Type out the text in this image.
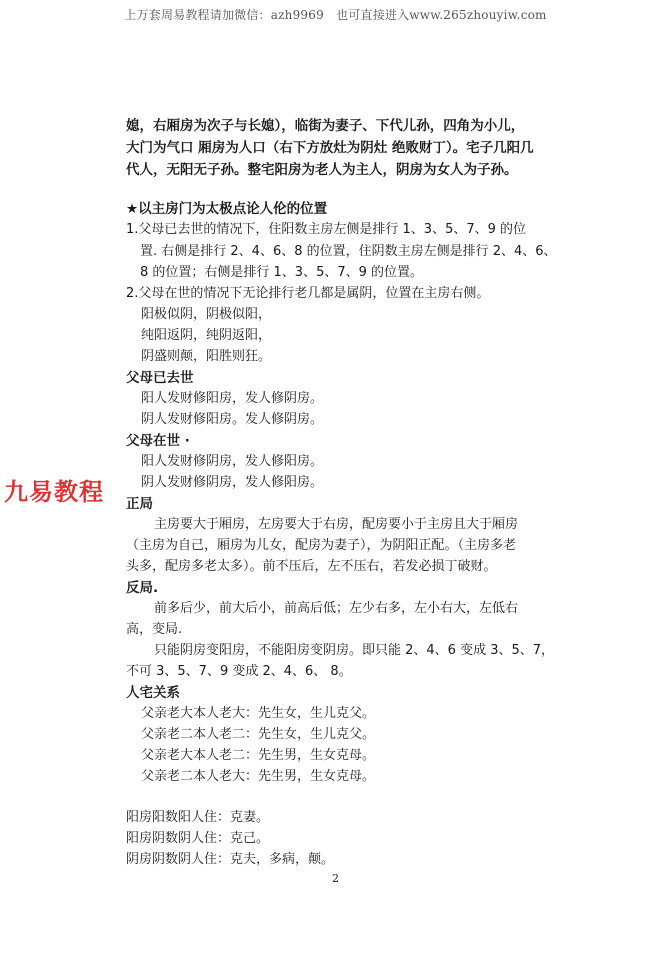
上万套周易教程请加微信：azh9969　也可直接进入www.265zhouyiw.com
媳，右厢房为次子与长媳），临街为妻子、下代儿孙，四角为小儿，
大门为气口 厢房为人口（右下方放灶为阴灶 绝败财丁）。宅子几阳几
代人，无阳无子孙。整宅阳房为老人为主人，阴房为女人为子孙。
★以主房门为太极点论人伦的位置
1.父母已去世的情况下，住阳数主房左侧是排行 1、3、5、7、9 的位
置. 右侧是排行 2、4、6、8 的位置，住阴数主房左侧是排行 2、4、6、
8 的位置；右侧是排行 1、3、5、7、9 的位置。
2.父母在世的情况下无论排行老几都是属阴，位置在主房右侧。
阳极似阴，阴极似阳，
纯阳返阴，纯阴返阳，
阴盛则颠，阳胜则狂。
父母已去世
阳人发财修阳房，发人修阴房。
阴人发财修阳房。发人修阴房。
父母在世 ·
阳人发财修阴房，发人修阳房。
阴人发财修阴房，发人修阳房。
正局
主房要大于厢房，左房要大于右房，配房要小于主房且大于厢房
（主房为自己，厢房为儿女，配房为妻子），为阴阳正配。（主房多老
头多，配房多老太多）。前不压后，左不压右，若发必损丁破财。
反局.
前多后少，前大后小，前高后低；左少右多，左小右大，左低右
高，变局.
只能阴房变阳房，不能阳房变阴房。即只能 2、4、6 变成 3、5、7，
不可 3、5、7、9 变成 2、4、6、 8。
人宅关系
父亲老大本人老大：先生女，生儿克父。
父亲老二本人老二：先生女，生儿克父。
父亲老大本人老二：先生男，生女克母。
父亲老二本人老大：先生男，生女克母。
阳房阳数阳人住：克妻。
阳房阴数阴人住：克己。
阴房阴数阴人住：克夫，多病，颠。
九易教程
2
